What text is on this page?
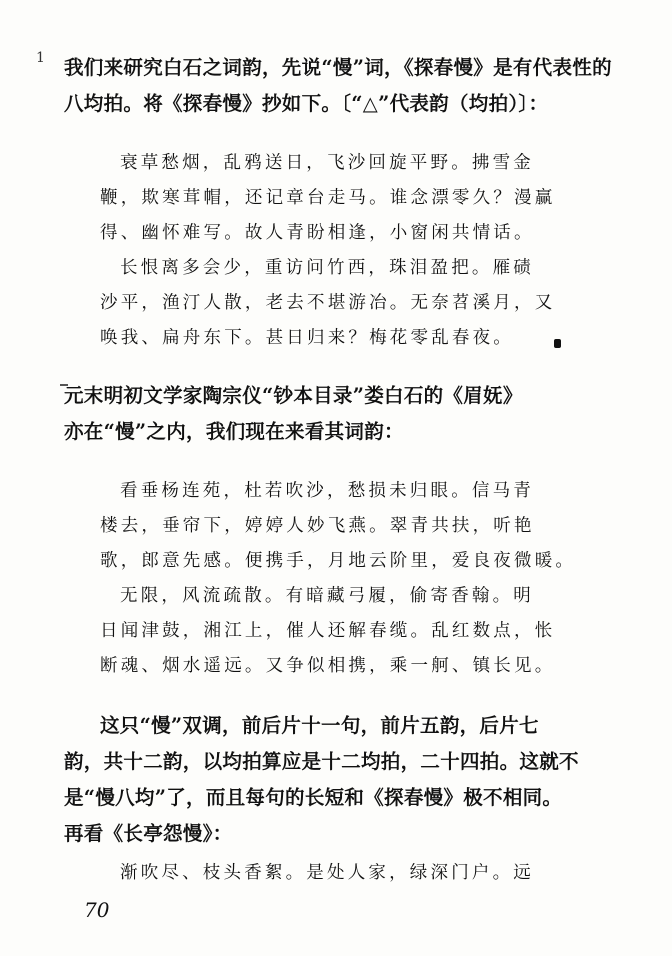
1 我们来研究白石之词韵，先说“慢”词，《探春慢》是有代表性的

八均拍。将《探春慢》抄如下。〔“△”代表韵（均拍）〕：

衰草愁烟，乱鸦送日，飞沙回旋平野。拂雪金

鞭，欺寒茸帽，还记章台走马。谁念漂零久？漫赢

得、幽怀难写。故人青盼相逢，小窗闲共情话。

长恨离多会少，重访问竹西，珠泪盈把。雁碛

沙平，渔汀人散，老去不堪游冶。无奈苕溪月，又

唤我、扁舟东下。甚日归来？梅花零乱春夜。

元末明初文学家陶宗仪“钞本目录”娄白石的《眉妩》

亦在“慢”之内，我们现在来看其词韵：

看垂杨连苑，杜若吹沙，愁损未归眼。信马青

楼去，垂帘下，婷婷人妙飞燕。翠青共扶，听艳

歌，郎意先感。便携手，月地云阶里，爱良夜微暖。

无限，风流疏散。有暗藏弓履，偷寄香翰。明

日闻津鼓，湘江上，催人还解春缆。乱红数点，怅

断魂、烟水遥远。又争似相携，乘一舸、镇长见。

这只“慢”双调，前后片十一句，前片五韵，后片七

韵，共十二韵，以均拍算应是十二均拍，二十四拍。这就不

是“慢八均”了，而且每句的长短和《探春慢》极不相同。

再看《长亭怨慢》：

渐吹尽、枝头香絮。是处人家，绿深门户。远

70
